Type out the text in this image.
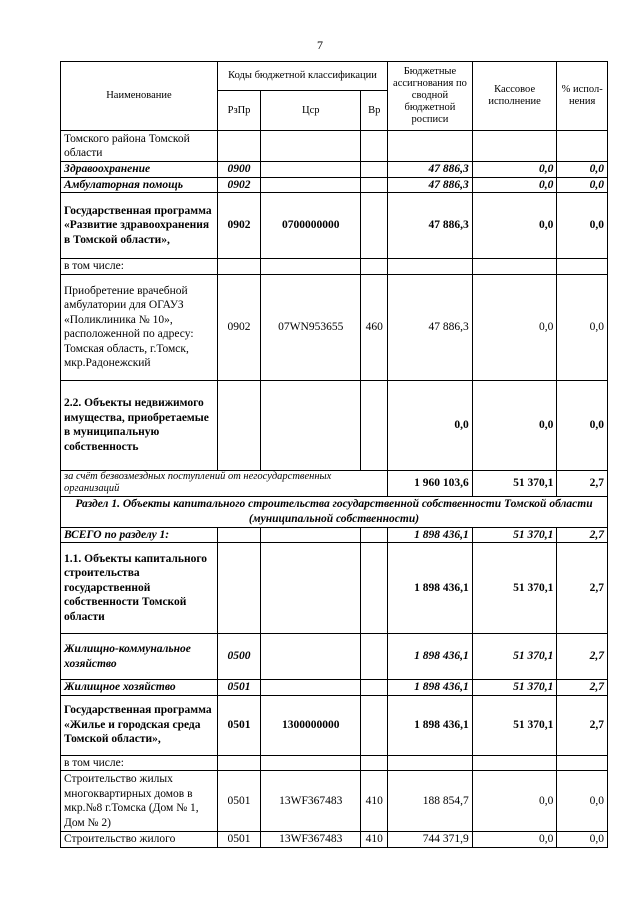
7
Наименование	Коды бюджетной классификации			Бюджетные ассигнования по сводной бюджетной росписи	Кассовое исполнение	% испол-нения
	РзПр	Цср	Вр			
Томского района Томской области						
Здравоохранение	0900			47 886,3	0,0	0,0
Амбулаторная помощь	0902			47 886,3	0,0	0,0
Государственная программа «Развитие здравоохранения в Томской области»,	0902	0700000000		47 886,3	0,0	0,0
в том числе:						
Приобретение врачебной амбулатории для ОГАУЗ «Поликлиника № 10», расположенной по адресу: Томская область, г.Томск, мкр.Радонежский	0902	07WN953655	460	47 886,3	0,0	0,0
2.2. Объекты недвижимого имущества, приобретаемые в муниципальную собственность				0,0	0,0	0,0
за счёт безвозмездных поступлений от негосударственных организаций				1 960 103,6	51 370,1	2,7
Раздел 1. Объекты капитального строительства государственной собственности Томской области (муниципальной собственности)						
ВСЕГО по разделу 1:				1 898 436,1	51 370,1	2,7
1.1. Объекты капитального строительства государственной собственности Томской области				1 898 436,1	51 370,1	2,7
Жилищно-коммунальное хозяйство	0500			1 898 436,1	51 370,1	2,7
Жилищное хозяйство	0501			1 898 436,1	51 370,1	2,7
Государственная программа «Жилье и городская среда Томской области»,	0501	1300000000		1 898 436,1	51 370,1	2,7
в том числе:						
Строительство жилых многоквартирных домов в мкр.№8 г.Томска (Дом № 1, Дом № 2)	0501	13WF367483	410	188 854,7	0,0	0,0
Строительство жилого	0501	13WF367483	410	744 371,9	0,0	0,0
